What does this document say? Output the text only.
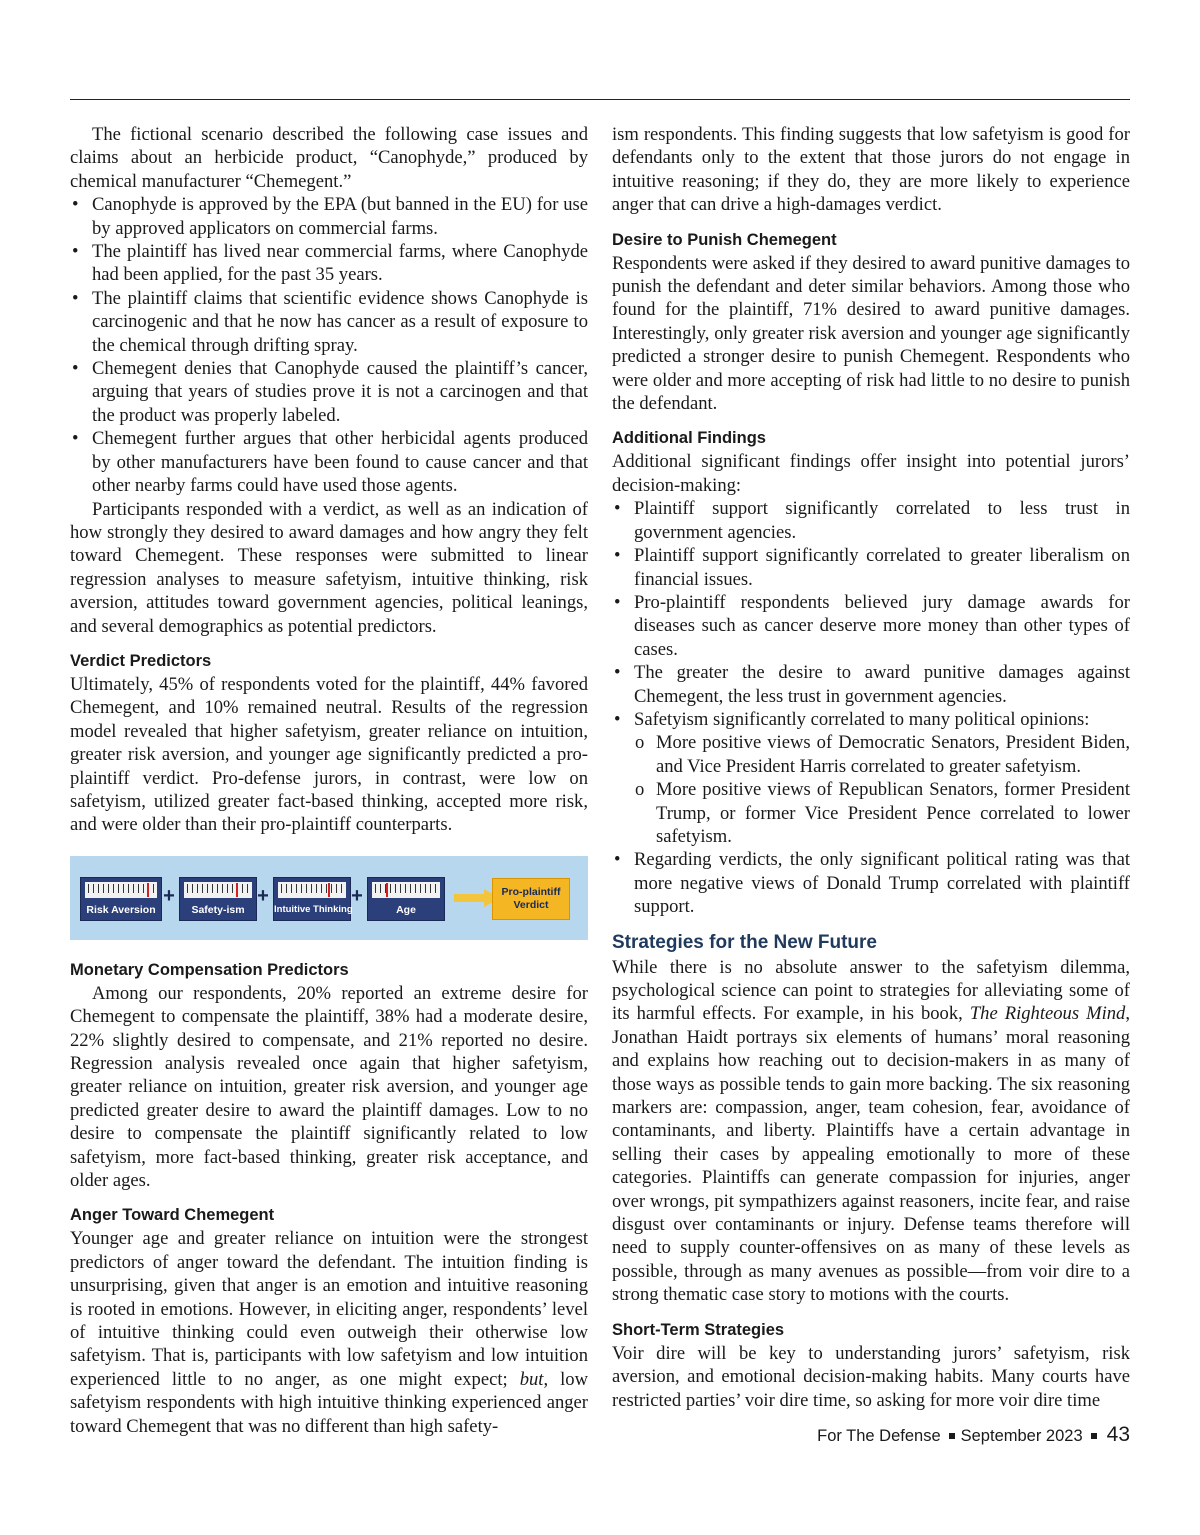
The fictional scenario described the following case issues and claims about an herbicide product, “Canophyde,” produced by chemical manufacturer “Chemegent.”

• Canophyde is approved by the EPA (but banned in the EU) for use by approved applicators on commercial farms.
• The plaintiff has lived near commercial farms, where Canophyde had been applied, for the past 35 years.
• The plaintiff claims that scientific evidence shows Canophyde is carcinogenic and that he now has cancer as a result of exposure to the chemical through drifting spray.
• Chemegent denies that Canophyde caused the plaintiff’s cancer, arguing that years of studies prove it is not a carcinogen and that the product was properly labeled.
• Chemegent further argues that other herbicidal agents produced by other manufacturers have been found to cause cancer and that other nearby farms could have used those agents.

Participants responded with a verdict, as well as an indication of how strongly they desired to award damages and how angry they felt toward Chemegent. These responses were submitted to linear regression analyses to measure safetyism, intuitive thinking, risk aversion, attitudes toward government agencies, political leanings, and several demographics as potential predictors.

Verdict Predictors

Ultimately, 45% of respondents voted for the plaintiff, 44% favored Chemegent, and 10% remained neutral. Results of the regression model revealed that higher safetyism, greater reliance on intuition, greater risk aversion, and younger age significantly predicted a pro-plaintiff verdict. Pro-defense jurors, in contrast, were low on safetyism, utilized greater fact-based thinking, accepted more risk, and were older than their pro-plaintiff counterparts.

Risk Aversion
+
Safety-ism
+
Intuitive Thinking
+
Age
Pro-plaintiff
Verdict
Monetary Compensation Predictors

Among our respondents, 20% reported an extreme desire for Chemegent to compensate the plaintiff, 38% had a moderate desire, 22% slightly desired to compensate, and 21% reported no desire. Regression analysis revealed once again that higher safetyism, greater reliance on intuition, greater risk aversion, and younger age predicted greater desire to award the plaintiff damages. Low to no desire to compensate the plaintiff significantly related to low safetyism, more fact-based thinking, greater risk acceptance, and older ages.

Anger Toward Chemegent

Younger age and greater reliance on intuition were the strongest predictors of anger toward the defendant. The intuition finding is unsurprising, given that anger is an emotion and intuitive reasoning is rooted in emotions. However, in eliciting anger, respondents’ level of intuitive thinking could even outweigh their otherwise low safetyism. That is, participants with low safetyism and low intuition experienced little to no anger, as one might expect; but, low safetyism respondents with high intuitive thinking experienced anger toward Chemegent that was no different than high safety-

ism respondents. This finding suggests that low safetyism is good for defendants only to the extent that those jurors do not engage in intuitive reasoning; if they do, they are more likely to experience anger that can drive a high-damages verdict.

Desire to Punish Chemegent

Respondents were asked if they desired to award punitive damages to punish the defendant and deter similar behaviors. Among those who found for the plaintiff, 71% desired to award punitive damages. Interestingly, only greater risk aversion and younger age significantly predicted a stronger desire to punish Chemegent. Respondents who were older and more accepting of risk had little to no desire to punish the defendant.

Additional Findings

Additional significant findings offer insight into potential jurors’ decision-making:

• Plaintiff support significantly correlated to less trust in government agencies.
• Plaintiff support significantly correlated to greater liberalism on financial issues.
• Pro-plaintiff respondents believed jury damage awards for diseases such as cancer deserve more money than other types of cases.
• The greater the desire to award punitive damages against Chemegent, the less trust in government agencies.
• Safetyism significantly correlated to many political opinions:
o More positive views of Democratic Senators, President Biden, and Vice President Harris correlated to greater safetyism.
o More positive views of Republican Senators, former President Trump, or former Vice President Pence correlated to lower safetyism.
• Regarding verdicts, the only significant political rating was that more negative views of Donald Trump correlated with plaintiff support.
Strategies for the New Future

While there is no absolute answer to the safetyism dilemma, psychological science can point to strategies for alleviating some of its harmful effects. For example, in his book, The Righteous Mind, Jonathan Haidt portrays six elements of humans’ moral reasoning and explains how reaching out to decision-makers in as many of those ways as possible tends to gain more backing. The six reasoning markers are: compassion, anger, team cohesion, fear, avoidance of contaminants, and liberty. Plaintiffs have a certain advantage in selling their cases by appealing emotionally to more of these categories. Plaintiffs can generate compassion for injuries, anger over wrongs, pit sympathizers against reasoners, incite fear, and raise disgust over contaminants or injury. Defense teams therefore will need to supply counter-offensives on as many of these levels as possible, through as many avenues as possible—from voir dire to a strong thematic case story to motions with the courts.

Short-Term Strategies

Voir dire will be key to understanding jurors’ safetyism, risk aversion, and emotional decision-making habits. Many courts have restricted parties’ voir dire time, so asking for more voir dire time

For The Defense September 2023 43
